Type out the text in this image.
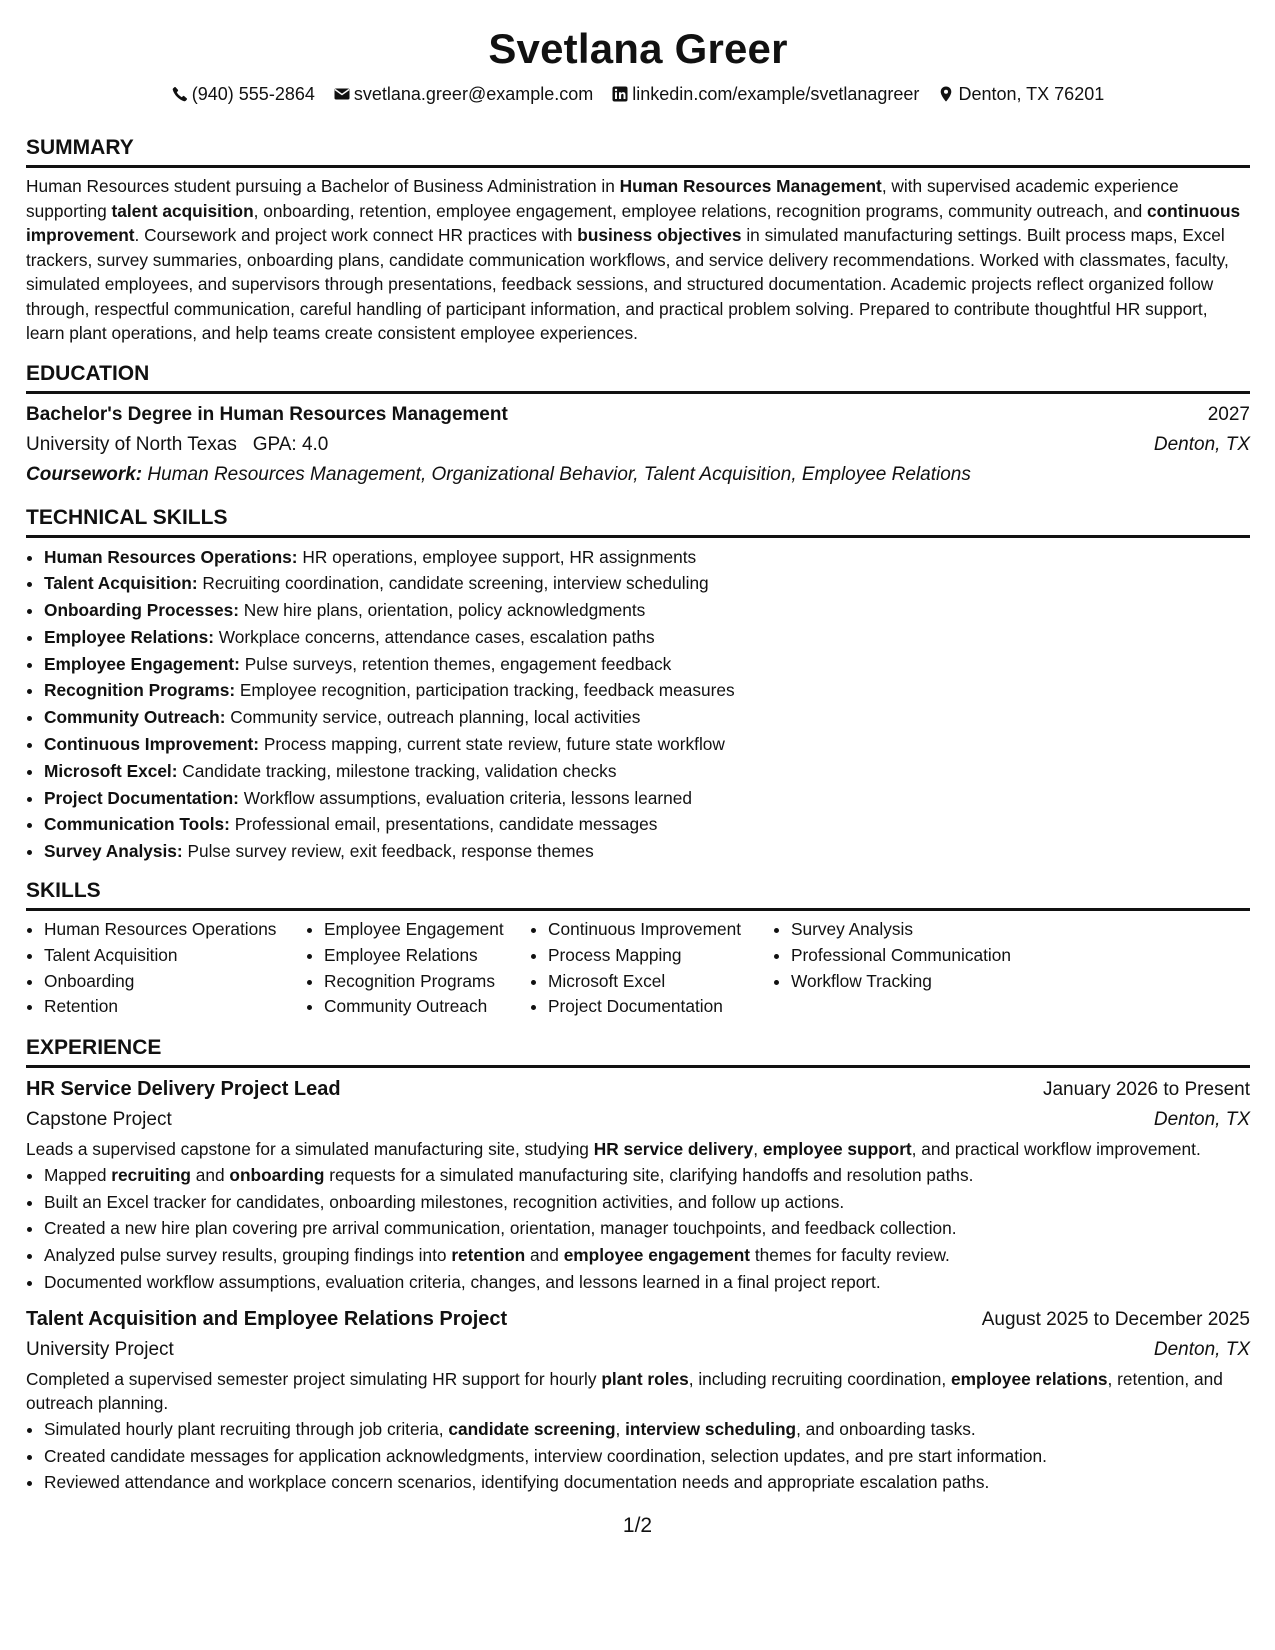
Svetlana Greer
(940) 555-2864 svetlana.greer@example.com linkedin.com/example/svetlanagreer Denton, TX 76201
SUMMARY

Human Resources student pursuing a Bachelor of Business Administration in Human Resources Management, with supervised academic experience supporting talent acquisition, onboarding, retention, employee engagement, employee relations, recognition programs, community outreach, and continuous improvement. Coursework and project work connect HR practices with business objectives in simulated manufacturing settings. Built process maps, Excel trackers, survey summaries, onboarding plans, candidate communication workflows, and service delivery recommendations. Worked with classmates, faculty, simulated employees, and supervisors through presentations, feedback sessions, and structured documentation. Academic projects reflect organized follow through, respectful communication, careful handling of participant information, and practical problem solving. Prepared to contribute thoughtful HR support, learn plant operations, and help teams create consistent employee experiences.

EDUCATION
Bachelor's Degree in Human Resources Management	2027
University of North Texas GPA: 4.0	Denton, TX
Coursework: Human Resources Management, Organizational Behavior, Talent Acquisition, Employee Relations
TECHNICAL SKILLS
• Human Resources Operations: HR operations, employee support, HR assignments
• Talent Acquisition: Recruiting coordination, candidate screening, interview scheduling
• Onboarding Processes: New hire plans, orientation, policy acknowledgments
• Employee Relations: Workplace concerns, attendance cases, escalation paths
• Employee Engagement: Pulse surveys, retention themes, engagement feedback
• Recognition Programs: Employee recognition, participation tracking, feedback measures
• Community Outreach: Community service, outreach planning, local activities
• Continuous Improvement: Process mapping, current state review, future state workflow
• Microsoft Excel: Candidate tracking, milestone tracking, validation checks
• Project Documentation: Workflow assumptions, evaluation criteria, lessons learned
• Communication Tools: Professional email, presentations, candidate messages
• Survey Analysis: Pulse survey review, exit feedback, response themes
SKILLS
• Human Resources Operations
• Talent Acquisition
• Onboarding
• Retention
• Employee Engagement
• Employee Relations
• Recognition Programs
• Community Outreach
• Continuous Improvement
• Process Mapping
• Microsoft Excel
• Project Documentation
• Survey Analysis
• Professional Communication
• Workflow Tracking
EXPERIENCE
HR Service Delivery Project Lead	January 2026 to Present
Capstone Project	Denton, TX

Leads a supervised capstone for a simulated manufacturing site, studying HR service delivery, employee support, and practical workflow improvement.

• Mapped recruiting and onboarding requests for a simulated manufacturing site, clarifying handoffs and resolution paths.
• Built an Excel tracker for candidates, onboarding milestones, recognition activities, and follow up actions.
• Created a new hire plan covering pre arrival communication, orientation, manager touchpoints, and feedback collection.
• Analyzed pulse survey results, grouping findings into retention and employee engagement themes for faculty review.
• Documented workflow assumptions, evaluation criteria, changes, and lessons learned in a final project report.
Talent Acquisition and Employee Relations Project	August 2025 to December 2025
University Project	Denton, TX

Completed a supervised semester project simulating HR support for hourly plant roles, including recruiting coordination, employee relations, retention, and outreach planning.

• Simulated hourly plant recruiting through job criteria, candidate screening, interview scheduling, and onboarding tasks.
• Created candidate messages for application acknowledgments, interview coordination, selection updates, and pre start information.
• Reviewed attendance and workplace concern scenarios, identifying documentation needs and appropriate escalation paths.
1/2
